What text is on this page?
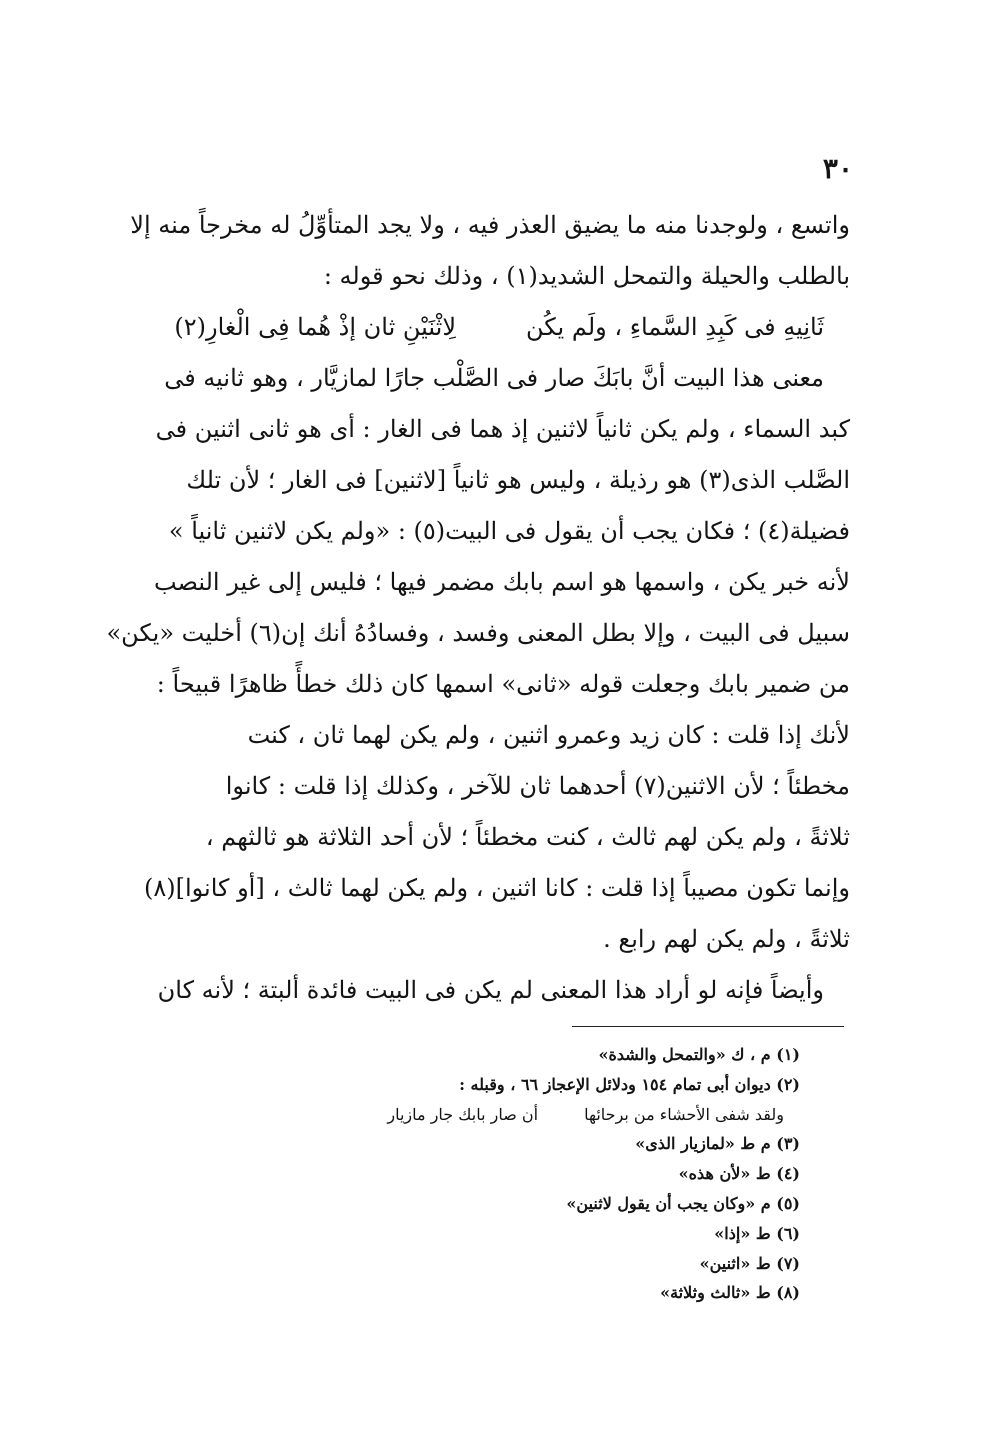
٣٠
واتسع ، ولوجدنا منه ما يضيق العذر فيه ، ولا يجد المتأوِّلُ له مخرجاً منه إلا
بالطلب والحيلة والتمحل الشديد(١) ، وذلك نحو قوله :
ثَانِيهِ فى كَبِدِ السَّماءِ ، ولَم يكُن
لِاثْنَيْنِ ثان إذْ هُما فِى الْغارِ(٢)
معنى هذا البيت أنَّ بابَكَ صار فى الصَّلْب جارًا لمازيَّار ، وهو ثانيه فى
كبد السماء ، ولم يكن ثانياً لاثنين إذ هما فى الغار : أى هو ثانى اثنين فى
الصَّلب الذى(٣) هو رذيلة ، وليس هو ثانياً [لاثنين] فى الغار ؛ لأن تلك
فضيلة(٤) ؛ فكان يجب أن يقول فى البيت(٥) : «ولم يكن لاثنين ثانياً »
لأنه خبر يكن ، واسمها هو اسم بابك مضمر فيها ؛ فليس إلى غير النصب
سبيل فى البيت ، وإلا بطل المعنى وفسد ، وفسادُهُ أنك إن(٦) أخليت «يكن»
من ضمير بابك وجعلت قوله «ثانى» اسمها كان ذلك خطأً ظاهرًا قبيحاً :
لأنك إذا قلت : كان زيد وعمرو اثنين ، ولم يكن لهما ثان ، كنت
مخطئاً ؛ لأن الاثنين(٧) أحدهما ثان للآخر ، وكذلك إذا قلت : كانوا
ثلاثةً ، ولم يكن لهم ثالث ، كنت مخطئاً ؛ لأن أحد الثلاثة هو ثالثهم ،
وإنما تكون مصيباً إذا قلت : كانا اثنين ، ولم يكن لهما ثالث ، [أو كانوا](٨)
ثلاثةً ، ولم يكن لهم رابع .
وأيضاً فإنه لو أراد هذا المعنى لم يكن فى البيت فائدة ألبتة ؛ لأنه كان
(١) م ، ك «والتمحل والشدة»
(٢) ديوان أبى تمام ١٥٤ ودلائل الإعجاز ٦٦ ، وقبله :
ولقد شفى الأحشاء من برحائها
أن صار بابك جار مازيار
(٣) م ط «لمازيار الذى»
(٤) ط «لأن هذه»
(٥) م «وكان يجب أن يقول لاثنين»
(٦) ط «إذا»
(٧) ط «اثنين»
(٨) ط «ثالث وثلاثة»
